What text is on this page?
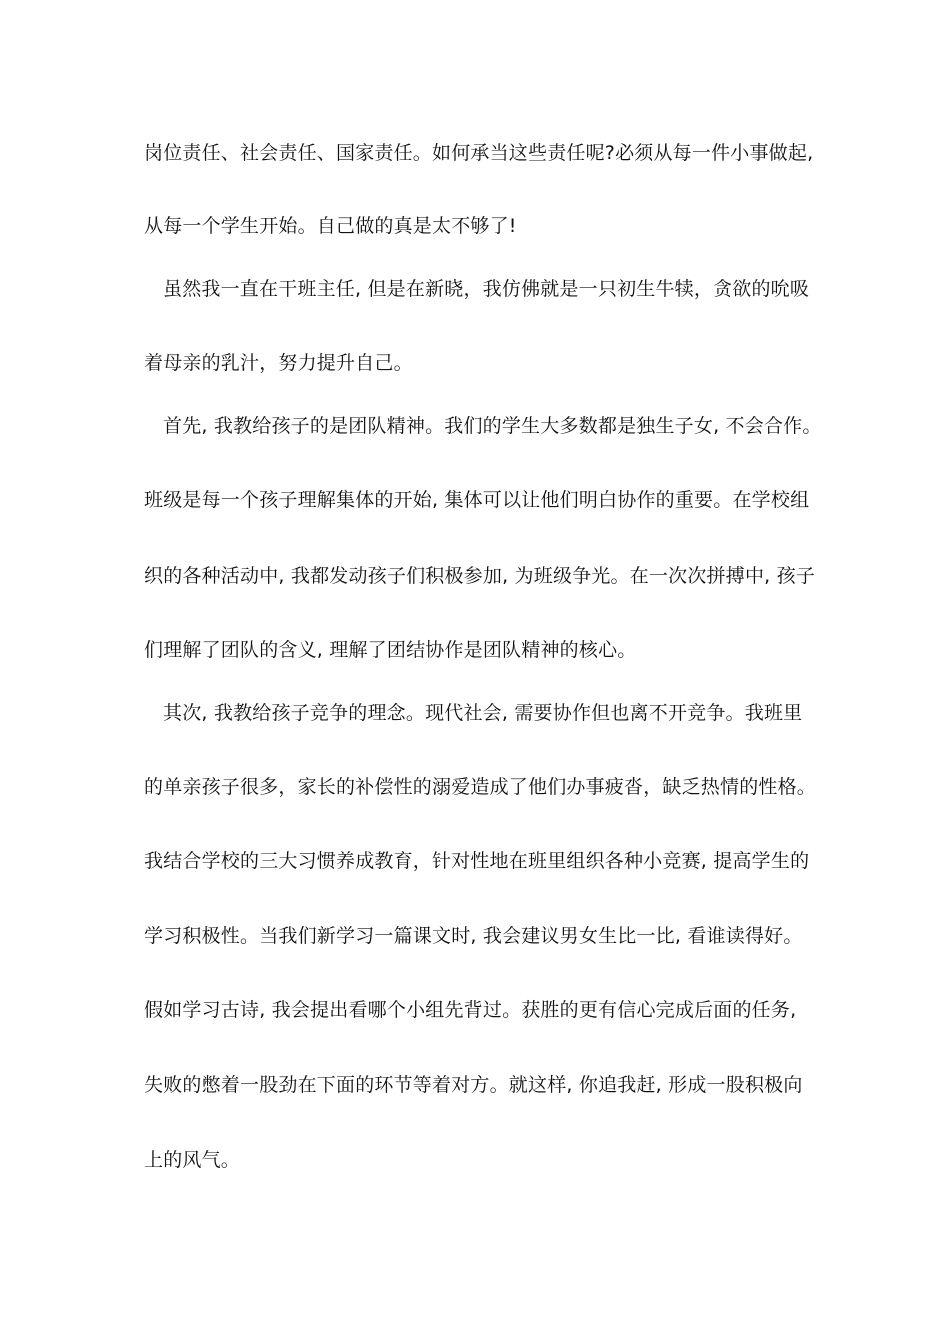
岗位责任、社会责任、国家责任。如何承当这些责任呢?必须从每一件小事做起,
从每一个学生开始。自己做的真是太不够了!
虽然我一直在干班主任, 但是在新晓，我仿佛就是一只初生牛犊，贪欲的吮吸
着母亲的乳汁，努力提升自己。
首先, 我教给孩子的是团队精神。我们的学生大多数都是独生子女, 不会合作。
班级是每一个孩子理解集体的开始, 集体可以让他们明白协作的重要。在学校组
织的各种活动中, 我都发动孩子们积极参加, 为班级争光。在一次次拼搏中, 孩子
们理解了团队的含义, 理解了团结协作是团队精神的核心。
其次, 我教给孩子竞争的理念。现代社会, 需要协作但也离不开竞争。我班里
的单亲孩子很多，家长的补偿性的溺爱造成了他们办事疲沓，缺乏热情的性格。
我结合学校的三大习惯养成教育，针对性地在班里组织各种小竞赛, 提高学生的
学习积极性。当我们新学习一篇课文时, 我会建议男女生比一比, 看谁读得好。
假如学习古诗, 我会提出看哪个小组先背过。获胜的更有信心完成后面的任务,
失败的憋着一股劲在下面的环节等着对方。就这样, 你追我赶, 形成一股积极向
上的风气。
